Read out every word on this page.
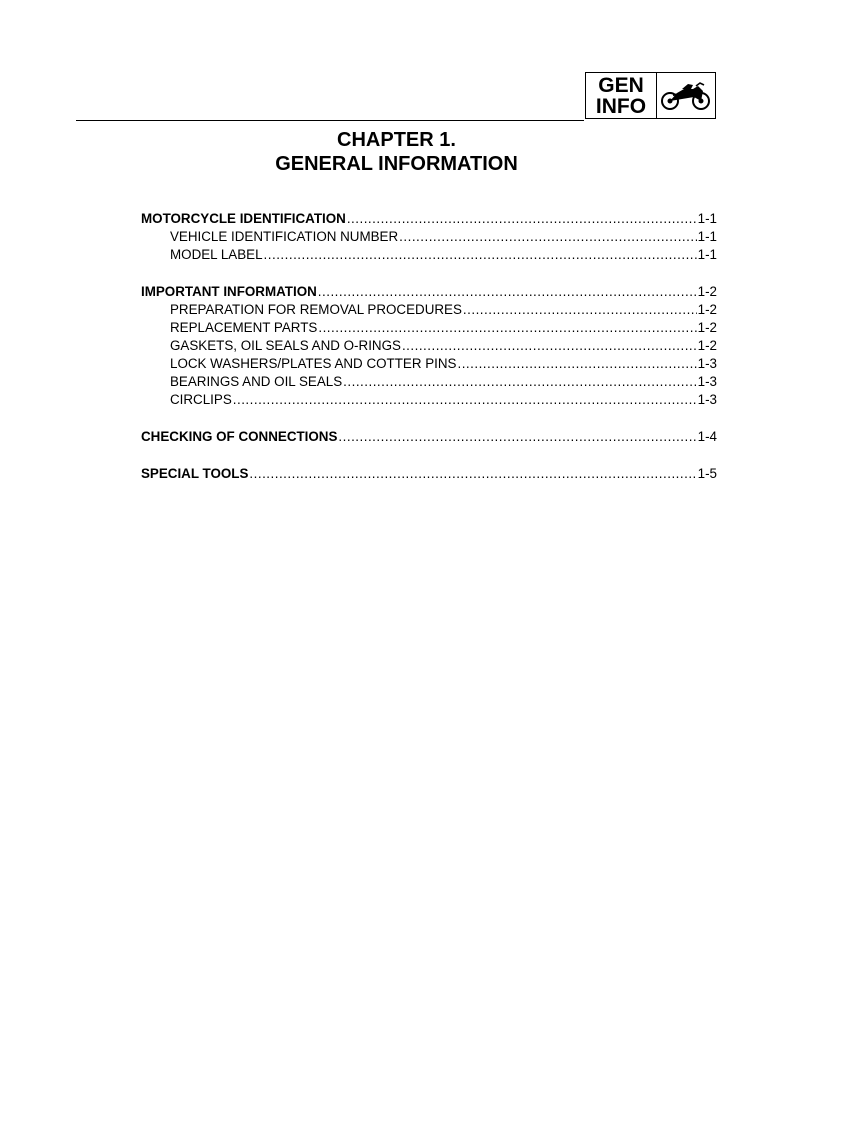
GEN
INFO
CHAPTER 1.
GENERAL INFORMATION
MOTORCYCLE IDENTIFICATION .....	1-1
VEHICLE IDENTIFICATION NUMBER .....	1-1
MODEL LABEL .....	1-1
IMPORTANT INFORMATION .....	1-2
PREPARATION FOR REMOVAL PROCEDURES .....	1-2
REPLACEMENT PARTS .....	1-2
GASKETS, OIL SEALS AND O-RINGS .....	1-2
LOCK WASHERS/PLATES AND COTTER PINS .....	1-3
BEARINGS AND OIL SEALS .....	1-3
CIRCLIPS .....	1-3
CHECKING OF CONNECTIONS .....	1-4
SPECIAL TOOLS .....	1-5
